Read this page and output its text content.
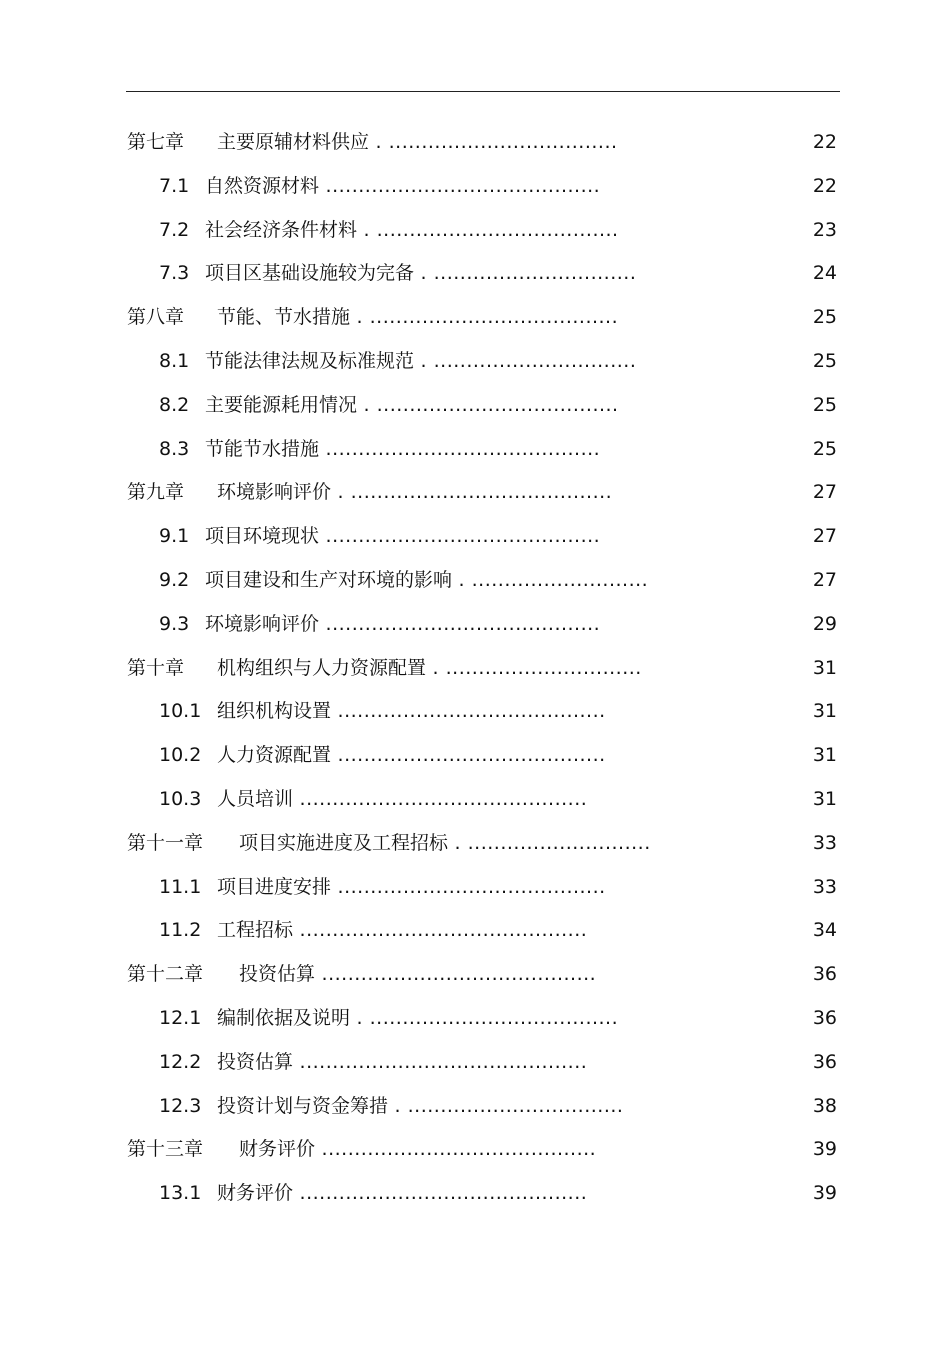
第七章 主要原辅材料供应 . ...................................	22
7.1 自然资源材料 ..........................................	22
7.2 社会经济条件材料 . .....................................	23
7.3 项目区基础设施较为完备 . ...............................	24
第八章 节能、节水措施 . ......................................	25
8.1 节能法律法规及标准规范 . ...............................	25
8.2 主要能源耗用情况 . .....................................	25
8.3 节能节水措施 ..........................................	25
第九章 环境影响评价 . ........................................	27
9.1 项目环境现状 ..........................................	27
9.2 项目建设和生产对环境的影响 . ...........................	27
9.3 环境影响评价 ..........................................	29
第十章 机构组织与人力资源配置 . ..............................	31
10.1 组织机构设置 .........................................	31
10.2 人力资源配置 .........................................	31
10.3 人员培训 ............................................	31
第十一章 项目实施进度及工程招标 . ............................	33
11.1 项目进度安排 .........................................	33
11.2 工程招标 ............................................	34
第十二章 投资估算 ..........................................	36
12.1 编制依据及说明 . ......................................	36
12.2 投资估算 ............................................	36
12.3 投资计划与资金筹措 . .................................	38
第十三章 财务评价 ..........................................	39
13.1 财务评价 ............................................	39
